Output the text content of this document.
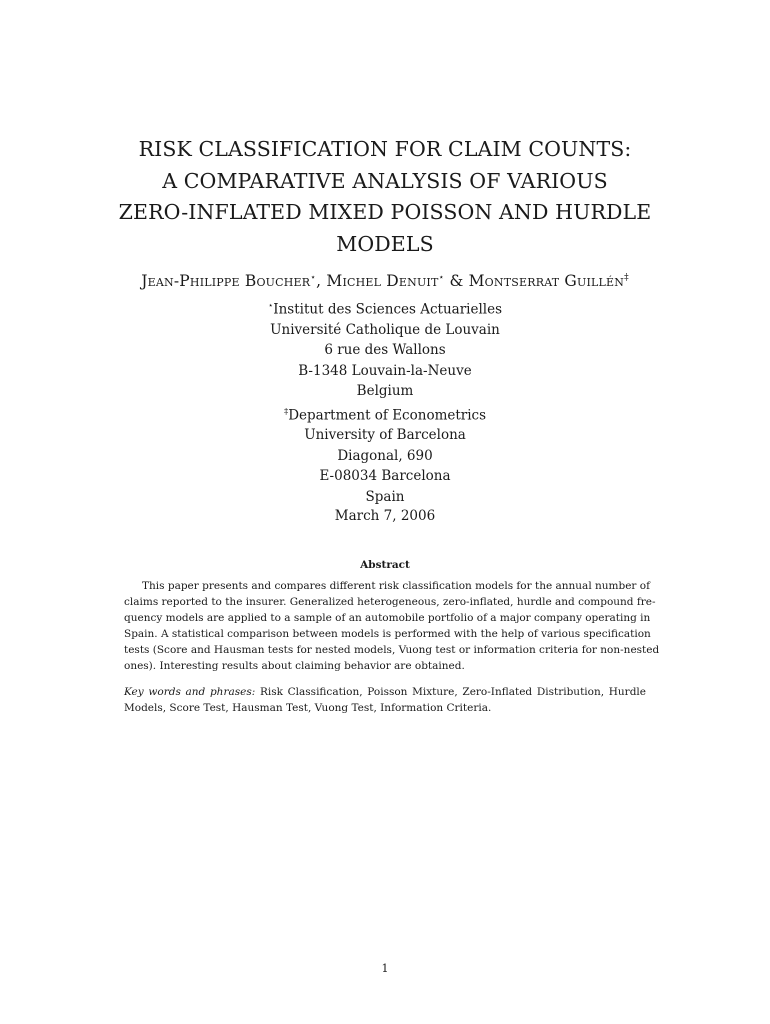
RISK CLASSIFICATION FOR CLAIM COUNTS:
A COMPARATIVE ANALYSIS OF VARIOUS
ZERO-INFLATED MIXED POISSON AND HURDLE
MODELS
Jean-Philippe Boucher⋆, Michel Denuit⋆ & Montserrat Guillén‡
⋆Institut des Sciences Actuarielles
Université Catholique de Louvain
6 rue des Wallons
B-1348 Louvain-la-Neuve
Belgium
‡Department of Econometrics
University of Barcelona
Diagonal, 690
E-08034 Barcelona
Spain
March 7, 2006
Abstract
This paper presents and compares different risk classification models for the annual number of
claims reported to the insurer. Generalized heterogeneous, zero-inflated, hurdle and compound fre-
quency models are applied to a sample of an automobile portfolio of a major company operating in
Spain. A statistical comparison between models is performed with the help of various specification
tests (Score and Hausman tests for nested models, Vuong test or information criteria for non-nested
ones). Interesting results about claiming behavior are obtained.
Key words and phrases: Risk Classification, Poisson Mixture, Zero-Inflated Distribution, Hurdle
Models, Score Test, Hausman Test, Vuong Test, Information Criteria.
1
